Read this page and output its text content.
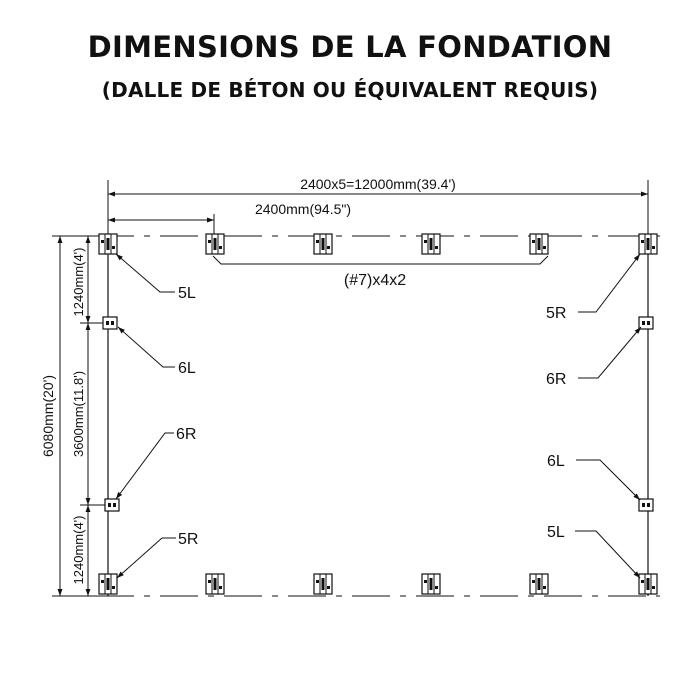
DIMENSIONS DE LA FONDATION
(DALLE DE BÉTON OU ÉQUIVALENT REQUIS)
2400x5=12000mm(39.4')
2400mm(94.5")
6080mm(20')
1240mm(4')
3600mm(11.8')
1240mm(4')
(#7)x4x2
5L
6L
6R
5R
5R
6R
6L
5L
